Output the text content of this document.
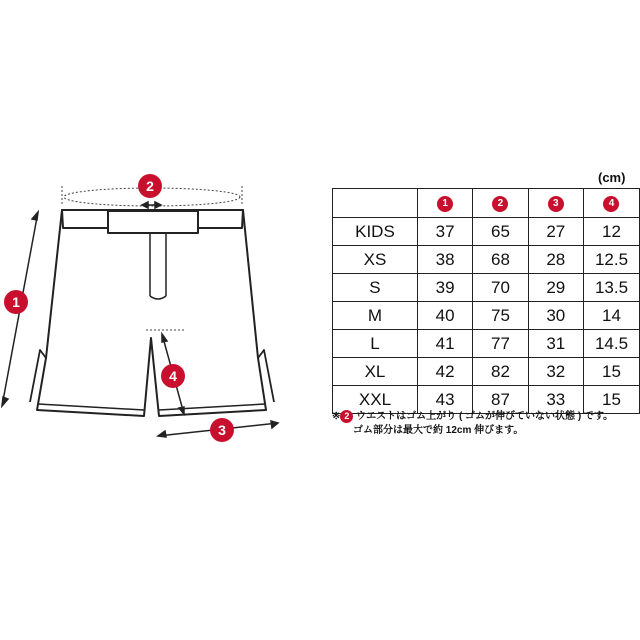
1
2
3
4
(cm)
	1	2	3	4
KIDS	37	65	27	12
XS	38	68	28	12.5
S	39	70	29	13.5
M	40	75	30	14
L	41	77	31	14.5
XL	42	82	32	15
XXL	43	87	33	15
※ 2 ウエストはゴム上がり ( ゴムが伸びていない状態 ) です。
ゴム部分は最大で約 12cm 伸びます。
